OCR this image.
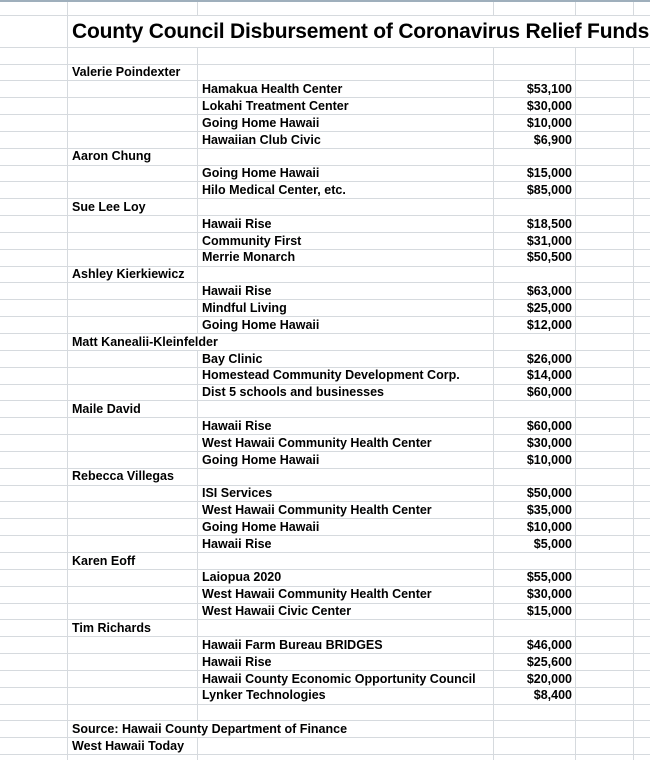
County Council Disbursement of Coronavirus Relief Funds
Valerie Poindexter
Hamakua Health Center	$53,100
Lokahi Treatment Center	$30,000
Going Home Hawaii	$10,000
Hawaiian Club Civic	$6,900
Aaron Chung
Going Home Hawaii	$15,000
Hilo Medical Center, etc.	$85,000
Sue Lee Loy
Hawaii Rise	$18,500
Community First	$31,000
Merrie Monarch	$50,500
Ashley Kierkiewicz
Hawaii Rise	$63,000
Mindful Living	$25,000
Going Home Hawaii	$12,000
Matt Kanealii-Kleinfelder
Bay Clinic	$26,000
Homestead Community Development Corp.	$14,000
Dist 5 schools and businesses	$60,000
Maile David
Hawaii Rise	$60,000
West Hawaii Community Health Center	$30,000
Going Home Hawaii	$10,000
Rebecca Villegas
ISI Services	$50,000
West Hawaii Community Health Center	$35,000
Going Home Hawaii	$10,000
Hawaii Rise	$5,000
Karen Eoff
Laiopua 2020	$55,000
West Hawaii Community Health Center	$30,000
West Hawaii Civic Center	$15,000
Tim Richards
Hawaii Farm Bureau BRIDGES	$46,000
Hawaii Rise	$25,600
Hawaii County Economic Opportunity Council	$20,000
Lynker Technologies	$8,400
Source: Hawaii County Department of Finance
West Hawaii Today
